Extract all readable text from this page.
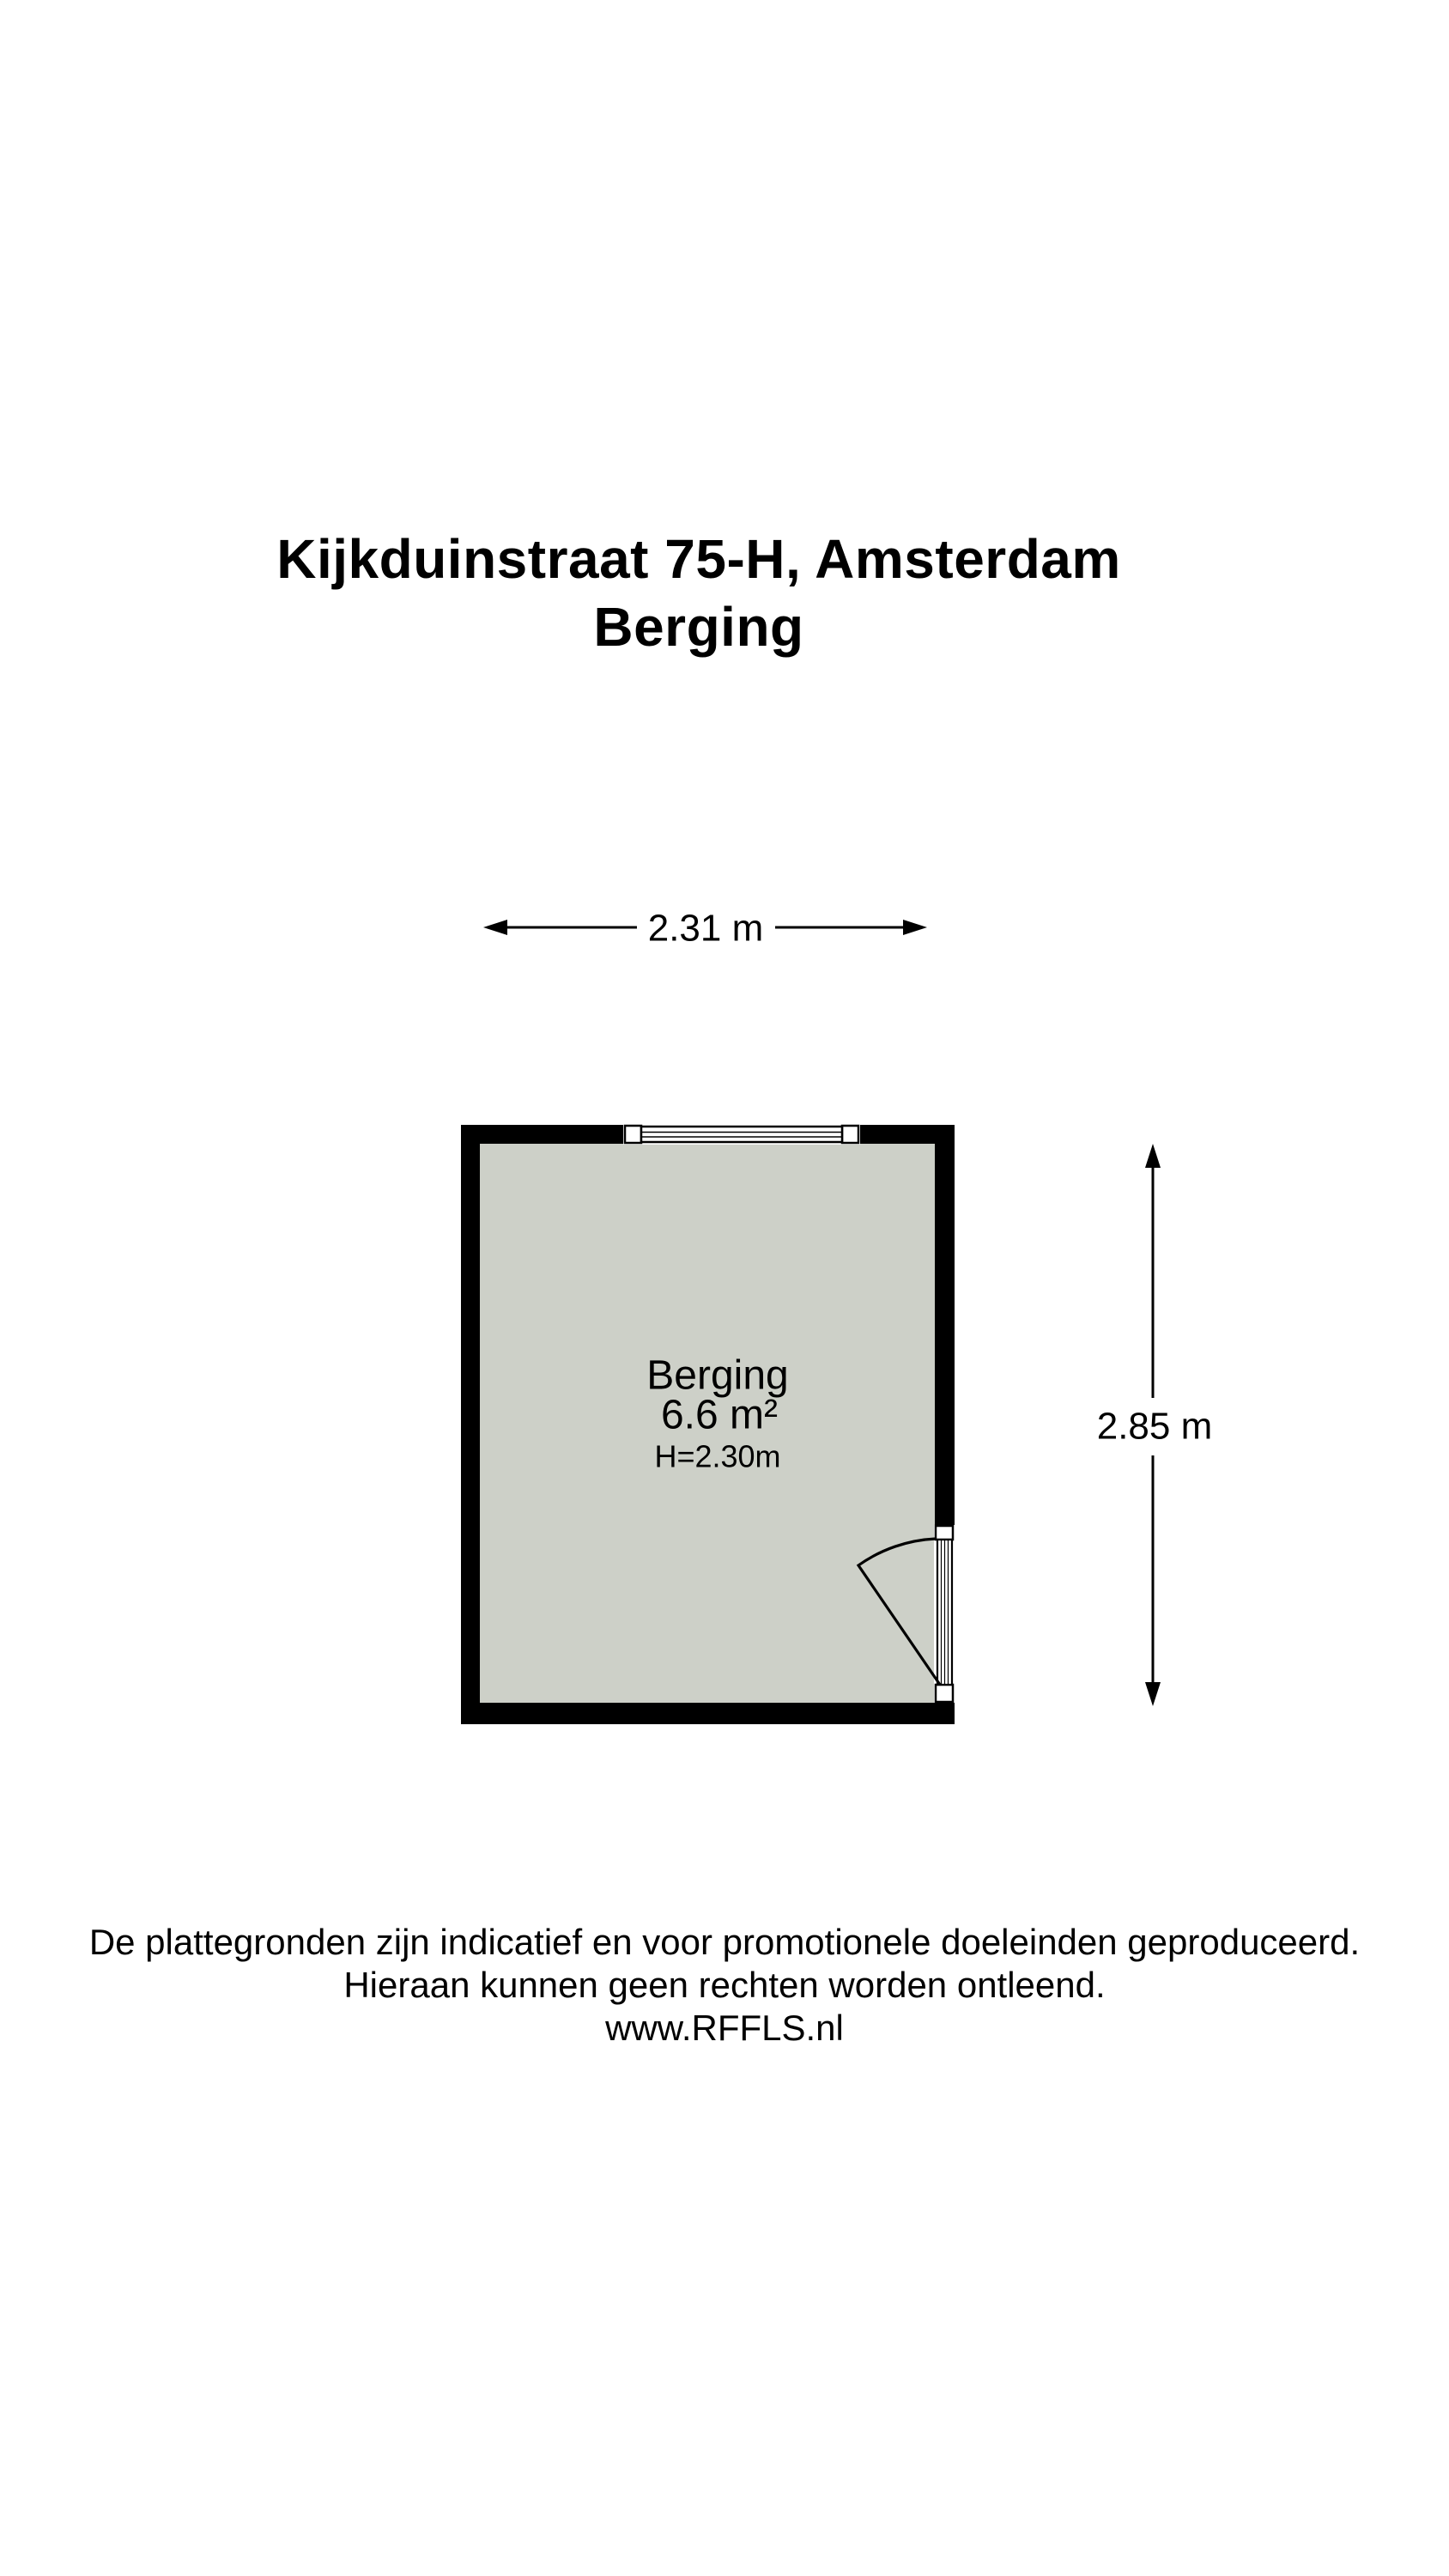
Kijkduinstraat 75-H, Amsterdam
Berging
2.31 m
2.85 m
Berging
6.6 m²
H=2.30m
De plattegronden zijn indicatief en voor promotionele doeleinden geproduceerd.
Hieraan kunnen geen rechten worden ontleend.
www.RFFLS.nl
